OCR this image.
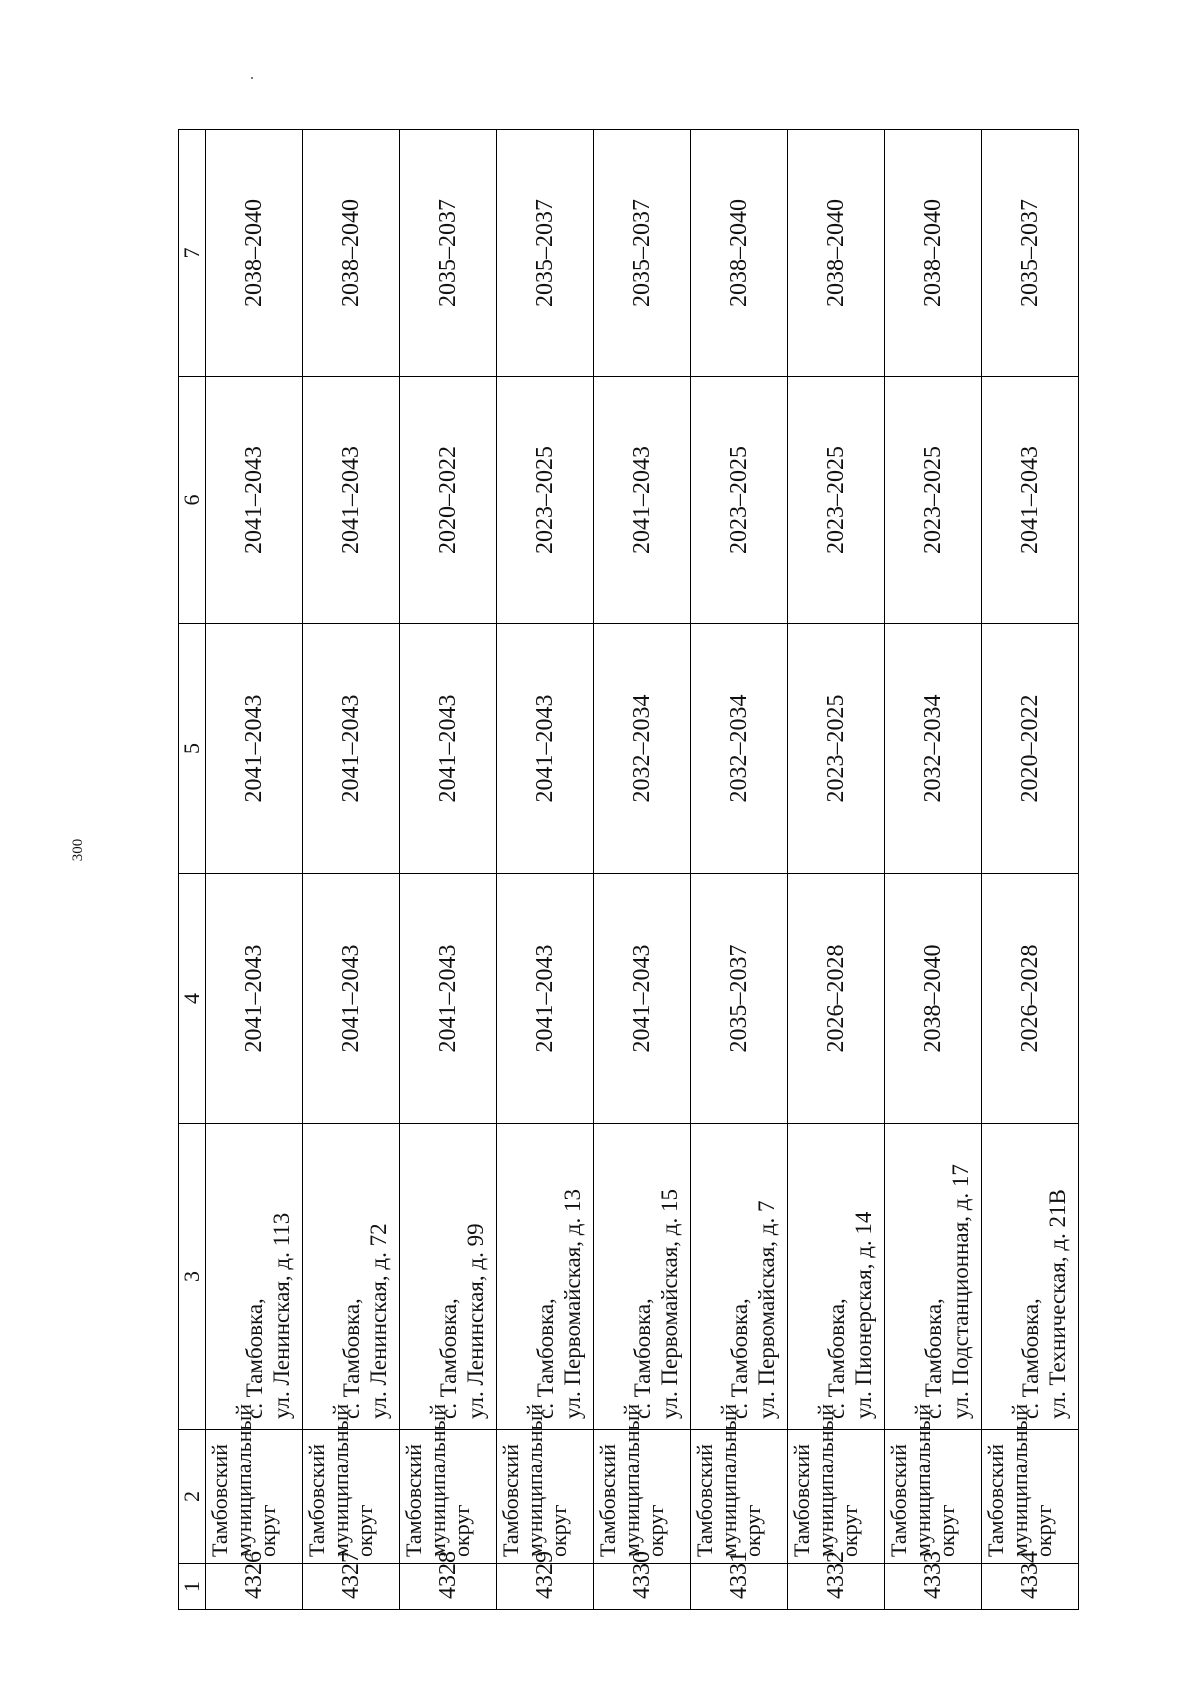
300
1	2	3	4	5	6	7
4326	Тамбовский муниципальный округ	с. Тамбовка, ул. Ленинская, д. 113	2041–2043	2041–2043	2041–2043	2038–2040
4327	Тамбовский муниципальный округ	с. Тамбовка, ул. Ленинская, д. 72	2041–2043	2041–2043	2041–2043	2038–2040
4328	Тамбовский муниципальный округ	с. Тамбовка, ул. Ленинская, д. 99	2041–2043	2041–2043	2020–2022	2035–2037
4329	Тамбовский муниципальный округ	с. Тамбовка, ул. Первомайская, д. 13	2041–2043	2041–2043	2023–2025	2035–2037
4330	Тамбовский муниципальный округ	с. Тамбовка, ул. Первомайская, д. 15	2041–2043	2032–2034	2041–2043	2035–2037
4331	Тамбовский муниципальный округ	с. Тамбовка, ул. Первомайская, д. 7	2035–2037	2032–2034	2023–2025	2038–2040
4332	Тамбовский муниципальный округ	с. Тамбовка, ул. Пионерская, д. 14	2026–2028	2023–2025	2023–2025	2038–2040
4333	Тамбовский муниципальный округ	с. Тамбовка, ул. Подстанционная, д. 17	2038–2040	2032–2034	2023–2025	2038–2040
4334	Тамбовский муниципальный округ	с. Тамбовка, ул. Техническая, д. 21В	2026–2028	2020–2022	2041–2043	2035–2037
